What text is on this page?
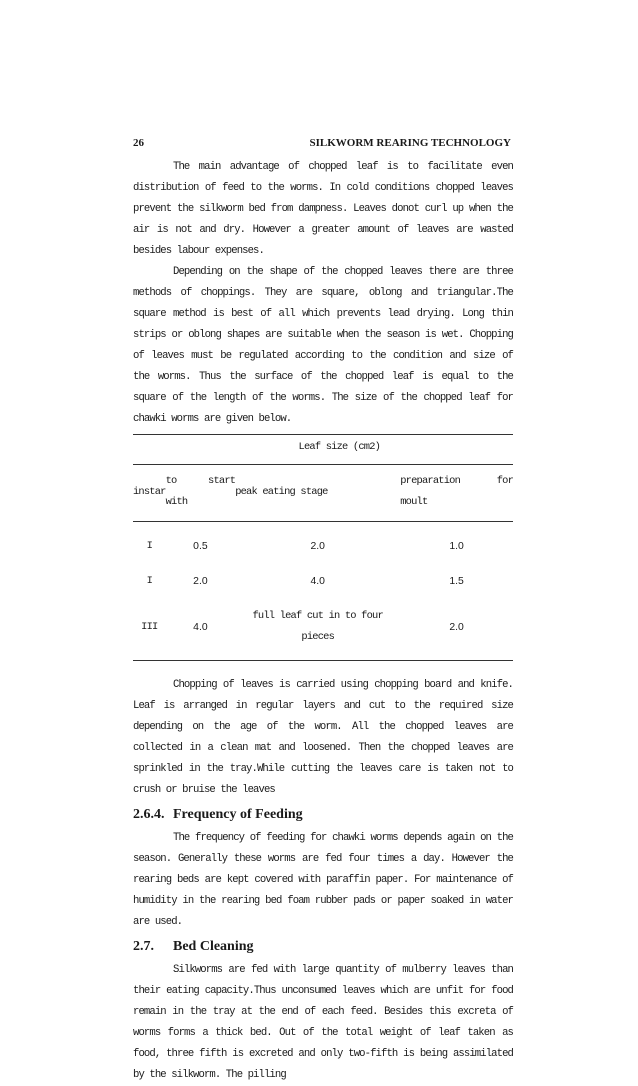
26	SILKWORM REARING TECHNOLOGY

The main advantage of chopped leaf is to facilitate even distribution of feed to the worms. In cold conditions chopped leaves prevent the silkworm bed from dampness. Leaves donot curl up when the air is not and dry. However a greater amount of leaves are wasted besides labour expenses.

Depending on the shape of the chopped leaves there are three methods of choppings. They are square, oblong and triangular.The square method is best of all which prevents lead drying. Long thin strips or oblong shapes are suitable when the season is wet. Chopping of leaves must be regulated according to the condition and size of the worms. Thus the surface of the chopped leaf is equal to the square of the length of the worms. The size of the chopped leaf for chawki worms are given below.

	Leaf size (cm2)		
instar	to start with	peak eating stage	preparation for moult
I	0.5	2.0	1.0
I	2.0	4.0	1.5
III	4.0	full leaf cut in to four pieces	2.0

Chopping of leaves is carried using chopping board and knife. Leaf is arranged in regular layers and cut to the required size depending on the age of the worm. All the chopped leaves are collected in a clean mat and loosened. Then the chopped leaves are sprinkled in the tray.While cutting the leaves care is taken not to crush or bruise the leaves

2.6.4. Frequency of Feeding

The frequency of feeding for chawki worms depends again on the season. Generally these worms are fed four times a day. However the rearing beds are kept covered with paraffin paper. For maintenance of humidity in the rearing bed foam rubber pads or paper soaked in water are used.

2.7.	Bed Cleaning

Silkworms are fed with large quantity of mulberry leaves than their eating capacity.Thus unconsumed leaves which are unfit for food remain in the tray at the end of each feed. Besides this excreta of worms forms a thick bed. Out of the total weight of leaf taken as food, three fifth is excreted and only two-fifth is being assimilated by the silkworm. The pilling
